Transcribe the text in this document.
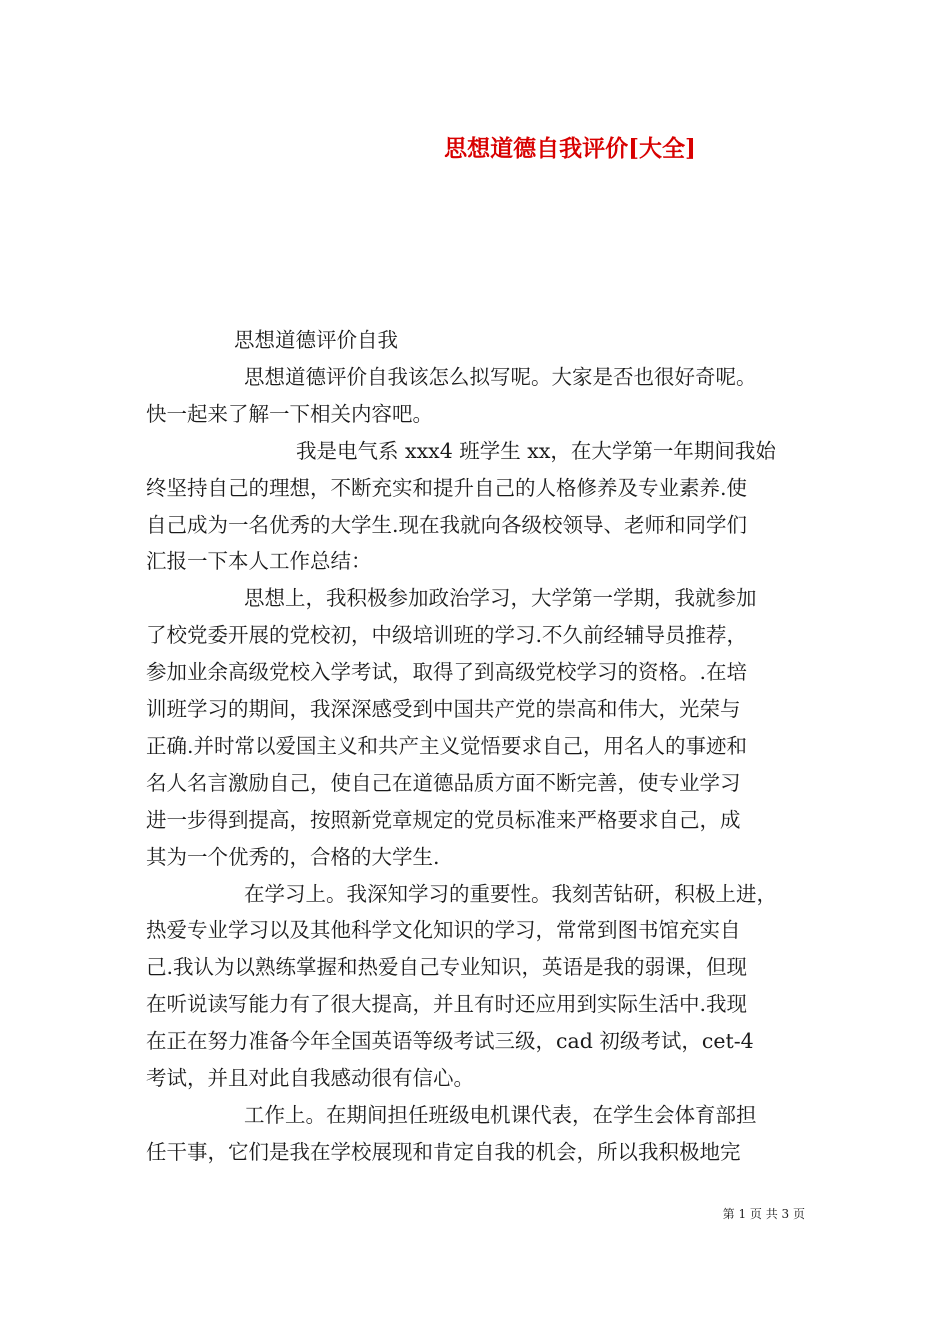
思想道德自我评价[大全]

思想道德评价自我

思想道德评价自我该怎么拟写呢。大家是否也很好奇呢。

快一起来了解一下相关内容吧。

我是电气系 xxx4 班学生 xx，在大学第一年期间我始

终坚持自己的理想，不断充实和提升自己的人格修养及专业素养.使

自己成为一名优秀的大学生.现在我就向各级校领导、老师和同学们

汇报一下本人工作总结：

思想上，我积极参加政治学习，大学第一学期，我就参加

了校党委开展的党校初，中级培训班的学习.不久前经辅导员推荐，

参加业余高级党校入学考试，取得了到高级党校学习的资格。.在培

训班学习的期间，我深深感受到中国共产党的崇高和伟大，光荣与

正确.并时常以爱国主义和共产主义觉悟要求自己，用名人的事迹和

名人名言激励自己，使自己在道德品质方面不断完善，使专业学习

进一步得到提高，按照新党章规定的党员标准来严格要求自己，成

其为一个优秀的，合格的大学生.

在学习上。我深知学习的重要性。我刻苦钻研，积极上进，

热爱专业学习以及其他科学文化知识的学习，常常到图书馆充实自

己.我认为以熟练掌握和热爱自己专业知识，英语是我的弱课，但现

在听说读写能力有了很大提高，并且有时还应用到实际生活中.我现

在正在努力准备今年全国英语等级考试三级，cad 初级考试，cet-4

考试，并且对此自我感动很有信心。

工作上。在期间担任班级电机课代表，在学生会体育部担

任干事，它们是我在学校展现和肯定自我的机会，所以我积极地完

第 1 页 共 3 页
